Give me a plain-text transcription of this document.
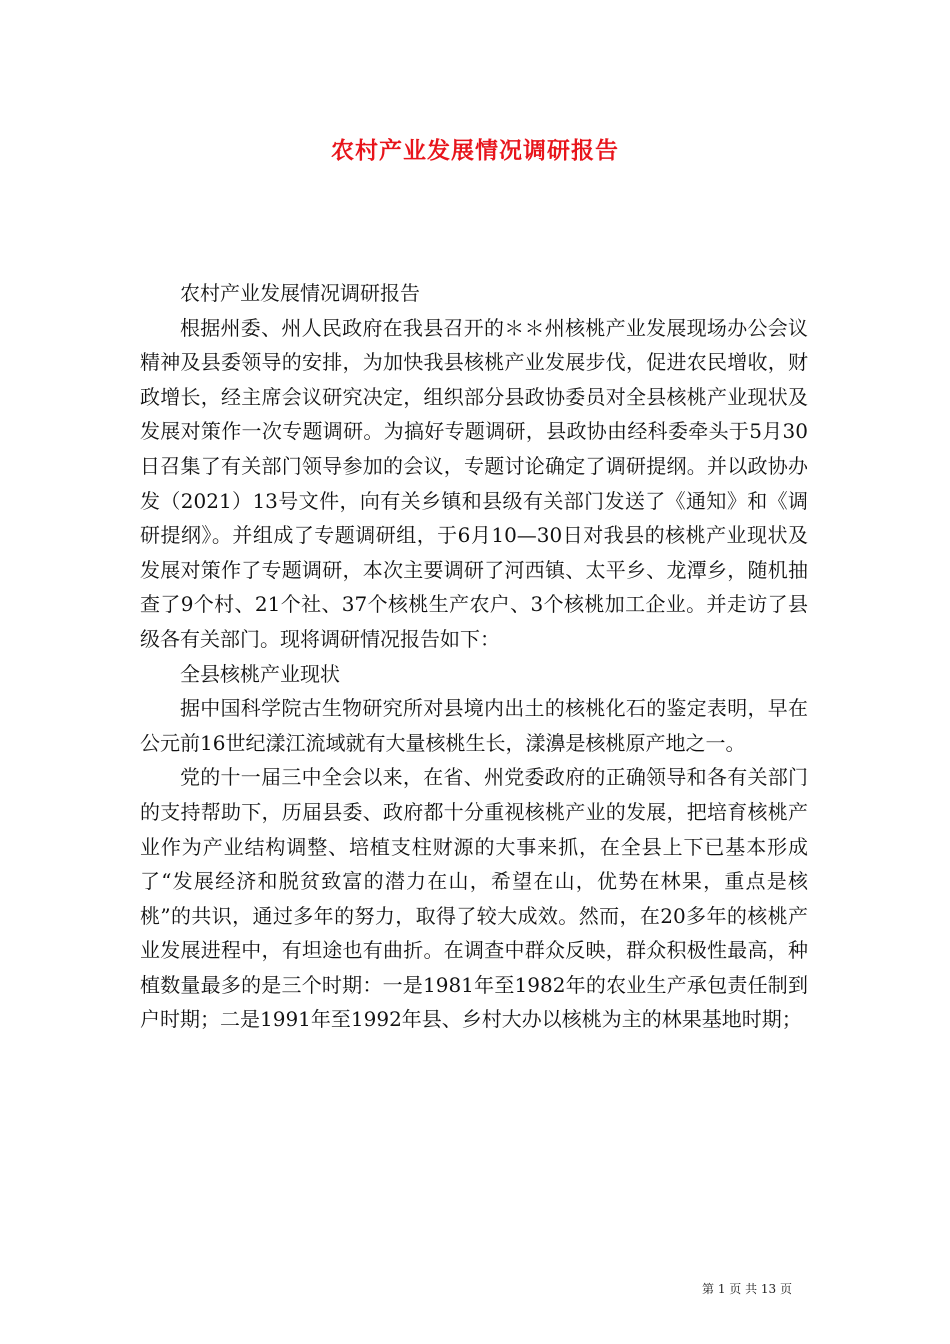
农村产业发展情况调研报告

农村产业发展情况调研报告

根据州委、州人民政府在我县召开的＊＊州核桃产业发展现场办公会议精神及县委领导的安排，为加快我县核桃产业发展步伐，促进农民增收，财政增长，经主席会议研究决定，组织部分县政协委员对全县核桃产业现状及发展对策作一次专题调研。为搞好专题调研，县政协由经科委牵头于5月30日召集了有关部门领导参加的会议，专题讨论确定了调研提纲。并以政协办发（2021）13号文件，向有关乡镇和县级有关部门发送了《通知》和《调研提纲》。并组成了专题调研组，于6月10—30日对我县的核桃产业现状及发展对策作了专题调研，本次主要调研了河西镇、太平乡、龙潭乡，随机抽查了9个村、21个社、37个核桃生产农户、3个核桃加工企业。并走访了县级各有关部门。现将调研情况报告如下：

全县核桃产业现状

据中国科学院古生物研究所对县境内出土的核桃化石的鉴定表明，早在公元前16世纪漾江流域就有大量核桃生长，漾濞是核桃原产地之一。

党的十一届三中全会以来，在省、州党委政府的正确领导和各有关部门的支持帮助下，历届县委、政府都十分重视核桃产业的发展，把培育核桃产业作为产业结构调整、培植支柱财源的大事来抓，在全县上下已基本形成了“发展经济和脱贫致富的潜力在山，希望在山，优势在林果，重点是核桃”的共识，通过多年的努力，取得了较大成效。然而，在20多年的核桃产业发展进程中，有坦途也有曲折。在调查中群众反映，群众积极性最高，种植数量最多的是三个时期：一是1981年至1982年的农业生产承包责任制到户时期；二是1991年至1992年县、乡村大办以核桃为主的林果基地时期；

第 1 页 共 13 页
